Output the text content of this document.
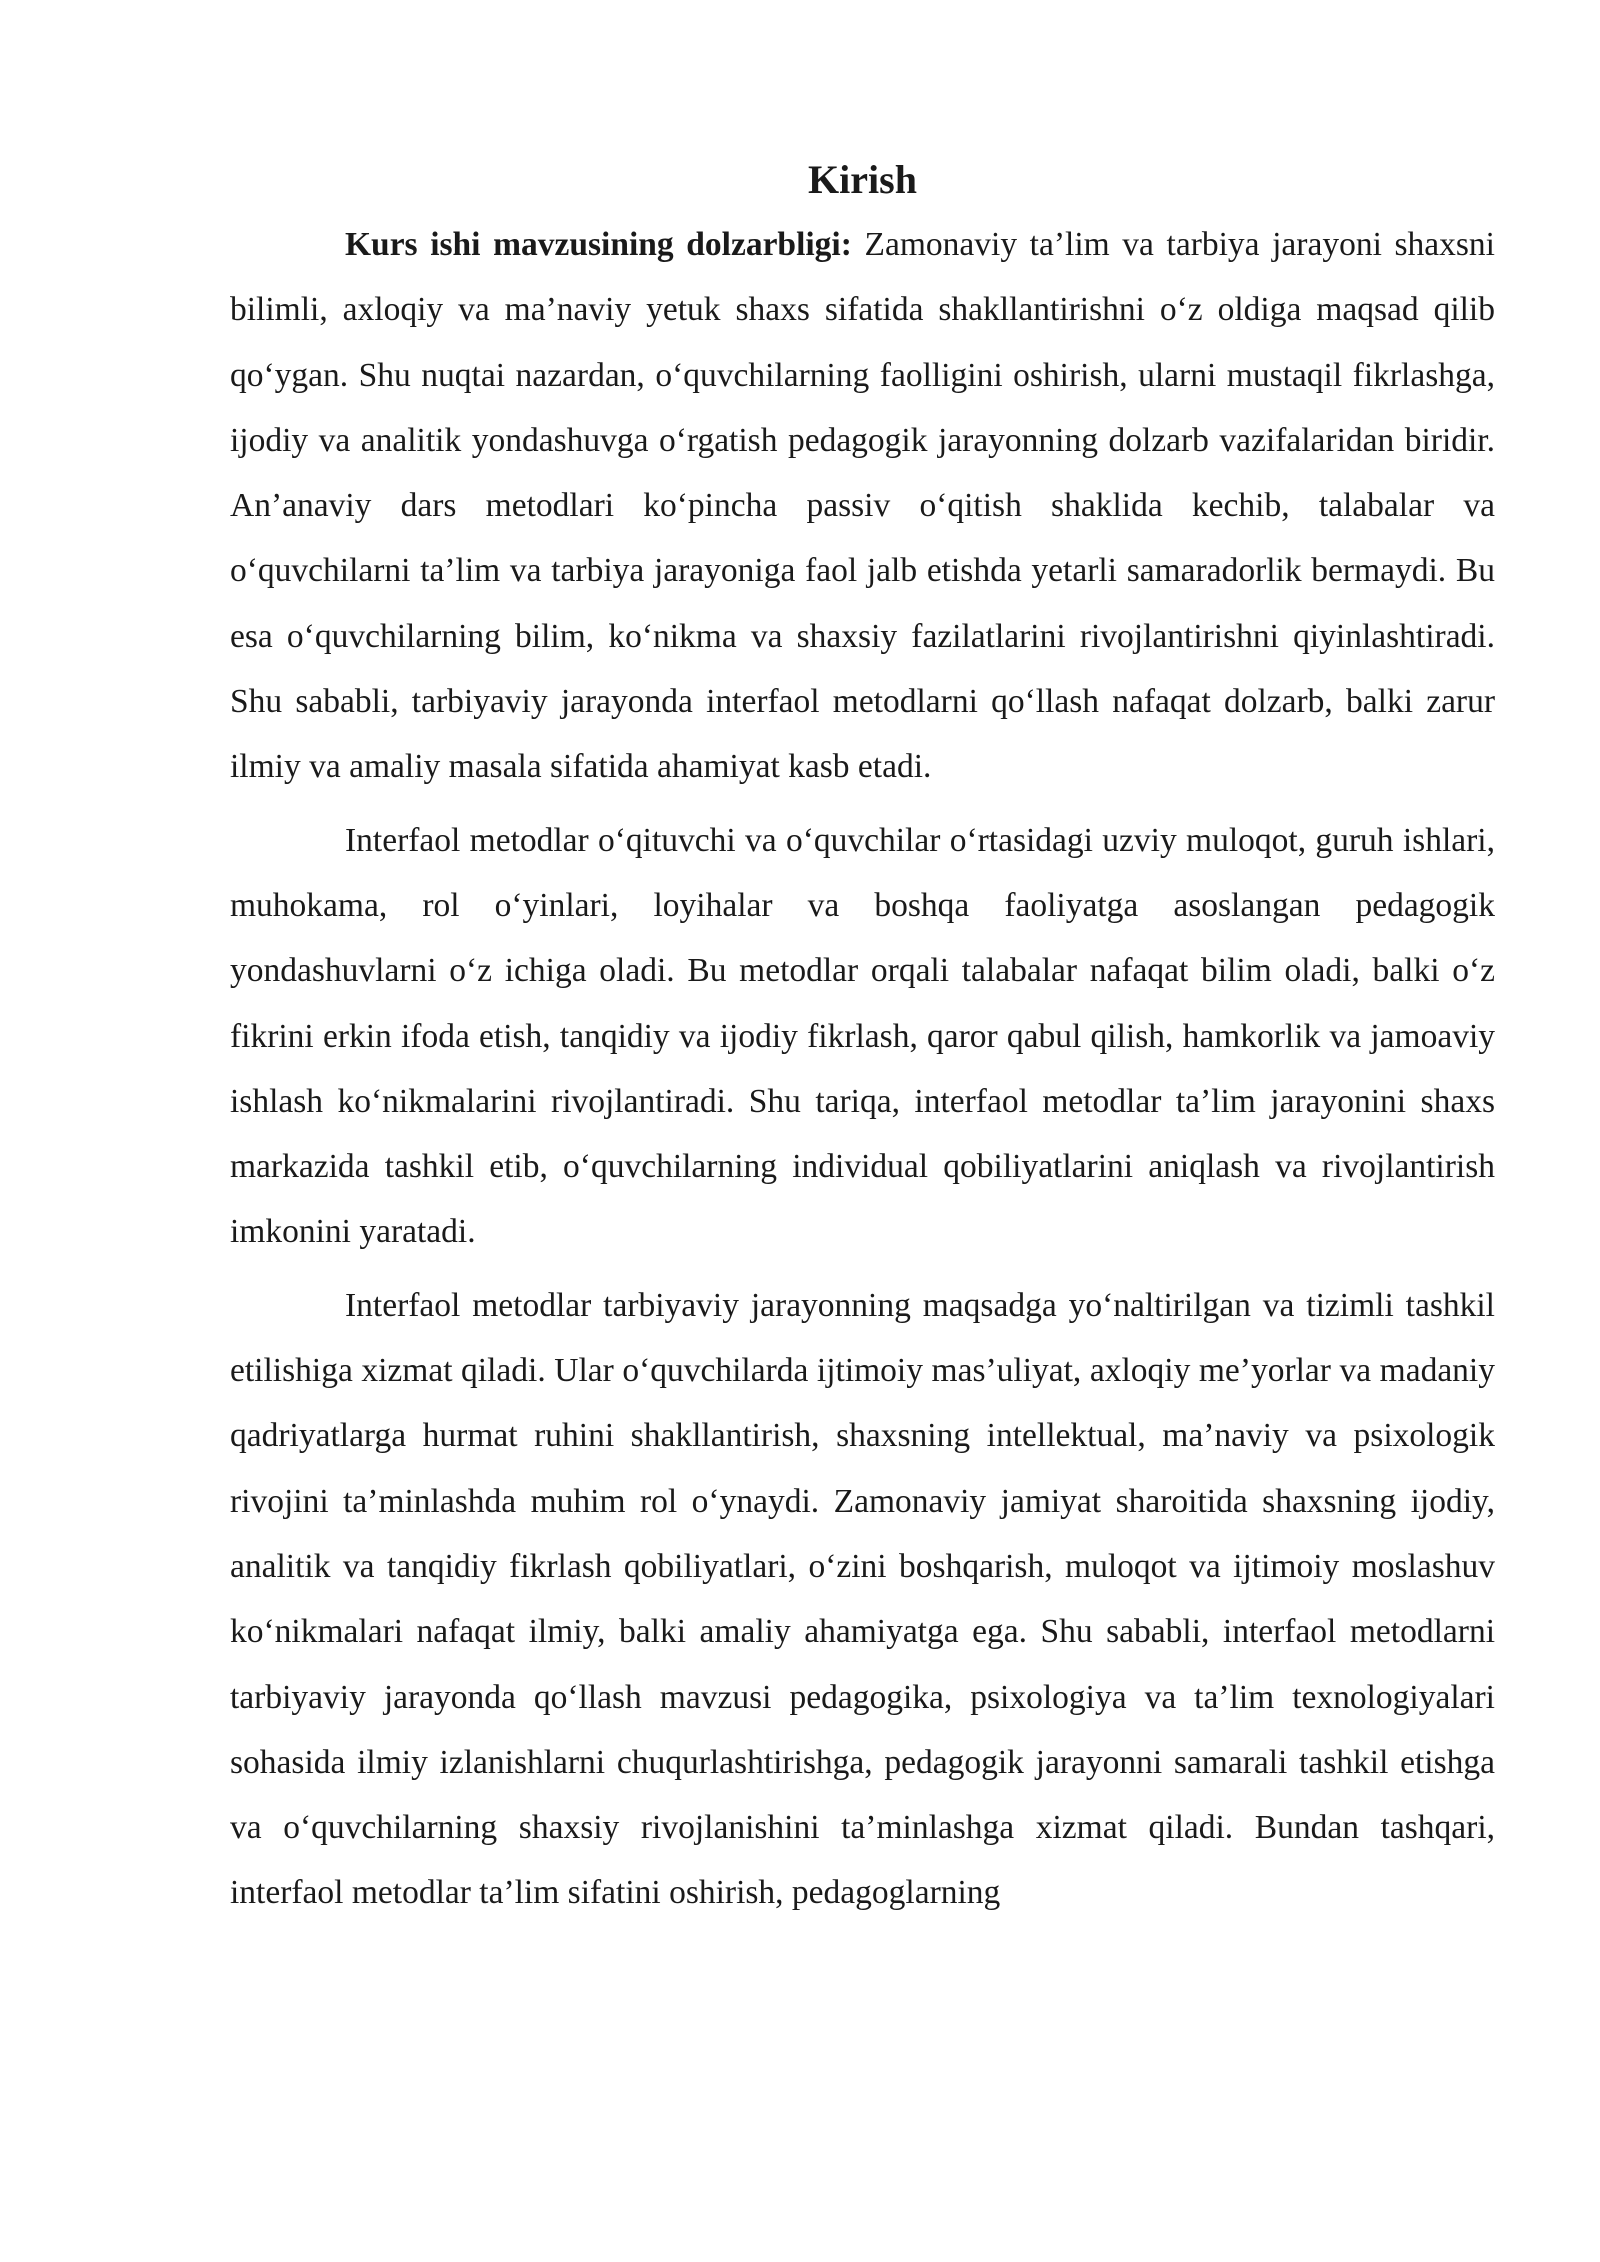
Kirish

Kurs ishi mavzusining dolzarbligi: Zamonaviy ta’lim va tarbiya jarayoni shaxsni bilimli, axloqiy va ma’naviy yetuk shaxs sifatida shakllantirishni o‘z oldiga maqsad qilib qo‘ygan. Shu nuqtai nazardan, o‘quvchilarning faolligini oshirish, ularni mustaqil fikrlashga, ijodiy va analitik yondashuvga o‘rgatish pedagogik jarayonning dolzarb vazifalaridan biridir. An’anaviy dars metodlari ko‘pincha passiv o‘qitish shaklida kechib, talabalar va o‘quvchilarni ta’lim va tarbiya jarayoniga faol jalb etishda yetarli samaradorlik bermaydi. Bu esa o‘quvchilarning bilim, ko‘nikma va shaxsiy fazilatlarini rivojlantirishni qiyinlashtiradi. Shu sababli, tarbiyaviy jarayonda interfaol metodlarni qo‘llash nafaqat dolzarb, balki zarur ilmiy va amaliy masala sifatida ahamiyat kasb etadi.

Interfaol metodlar o‘qituvchi va o‘quvchilar o‘rtasidagi uzviy muloqot, guruh ishlari, muhokama, rol o‘yinlari, loyihalar va boshqa faoliyatga asoslangan pedagogik yondashuvlarni o‘z ichiga oladi. Bu metodlar orqali talabalar nafaqat bilim oladi, balki o‘z fikrini erkin ifoda etish, tanqidiy va ijodiy fikrlash, qaror qabul qilish, hamkorlik va jamoaviy ishlash ko‘nikmalarini rivojlantiradi. Shu tariqa, interfaol metodlar ta’lim jarayonini shaxs markazida tashkil etib, o‘quvchilarning individual qobiliyatlarini aniqlash va rivojlantirish imkonini yaratadi.

Interfaol metodlar tarbiyaviy jarayonning maqsadga yo‘naltirilgan va tizimli tashkil etilishiga xizmat qiladi. Ular o‘quvchilarda ijtimoiy mas’uliyat, axloqiy me’yorlar va madaniy qadriyatlarga hurmat ruhini shakllantirish, shaxsning intellektual, ma’naviy va psixologik rivojini ta’minlashda muhim rol o‘ynaydi. Zamonaviy jamiyat sharoitida shaxsning ijodiy, analitik va tanqidiy fikrlash qobiliyatlari, o‘zini boshqarish, muloqot va ijtimoiy moslashuv ko‘nikmalari nafaqat ilmiy, balki amaliy ahamiyatga ega. Shu sababli, interfaol metodlarni tarbiyaviy jarayonda qo‘llash mavzusi pedagogika, psixologiya va ta’lim texnologiyalari sohasida ilmiy izlanishlarni chuqurlashtirishga, pedagogik jarayonni samarali tashkil etishga va o‘quvchilarning shaxsiy rivojlanishini ta’minlashga xizmat qiladi. Bundan tashqari, interfaol metodlar ta’lim sifatini oshirish, pedagoglarning
